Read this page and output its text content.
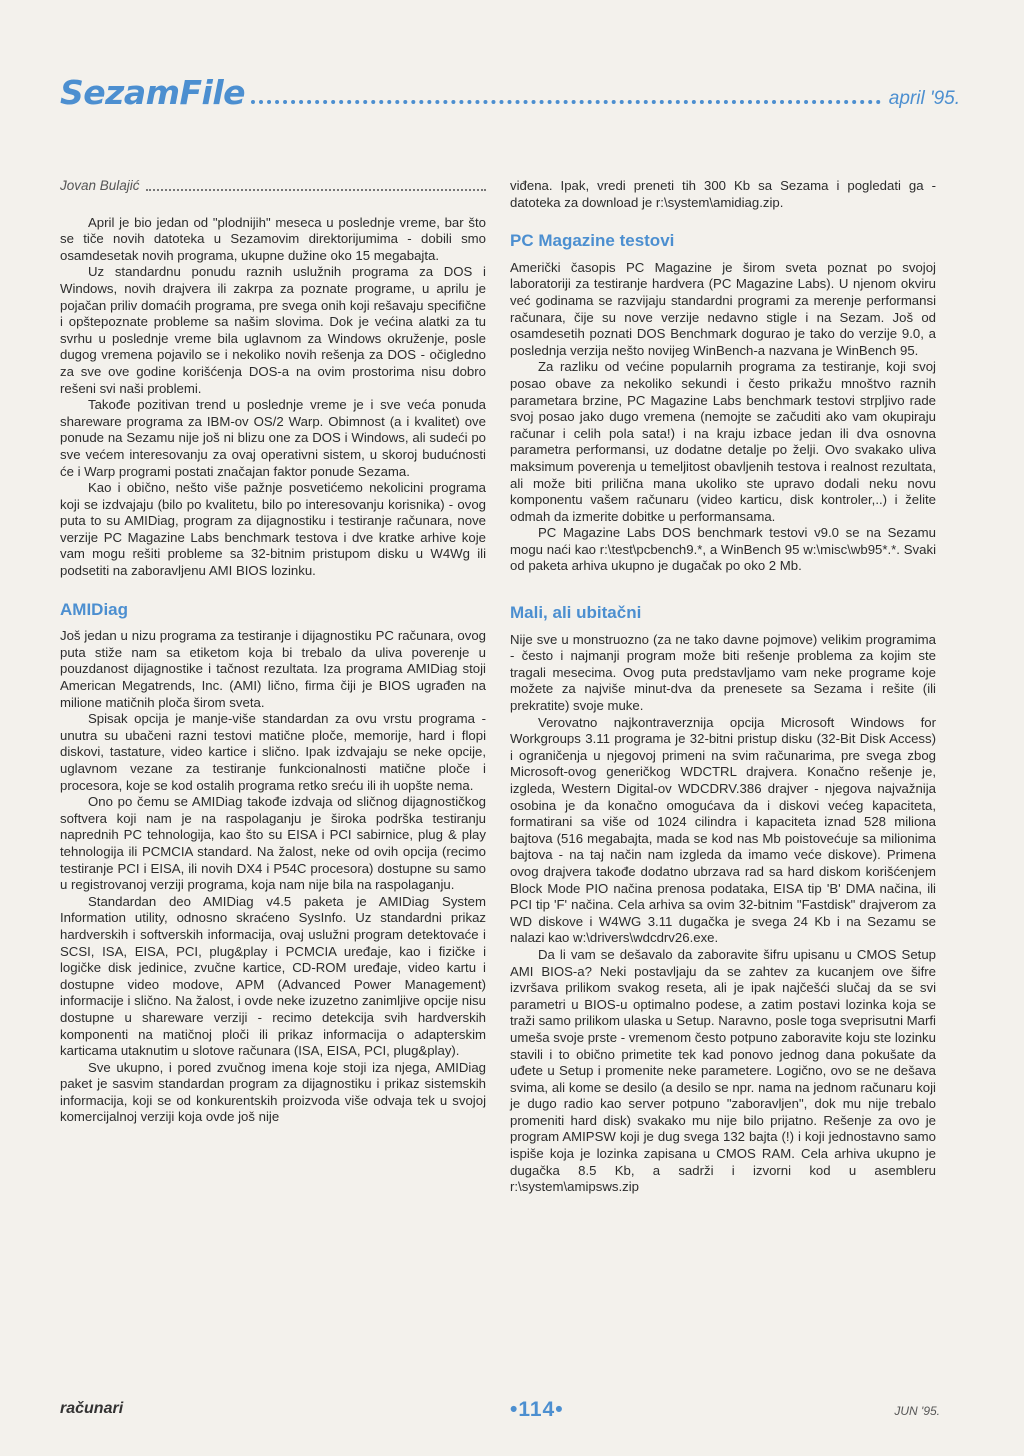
SezamFile	april '95.
Jovan Bulajić

April je bio jedan od "plodnijih" meseca u poslednje vreme, bar što se tiče novih datoteka u Sezamovim direktorijumima - dobili smo osamdesetak novih programa, ukupne dužine oko 15 megabajta.

Uz standardnu ponudu raznih uslužnih programa za DOS i Windows, novih drajvera ili zakrpa za poznate programe, u aprilu je pojačan priliv domaćih programa, pre svega onih koji rešavaju specifične i opštepoznate probleme sa našim slovima. Dok je većina alatki za tu svrhu u poslednje vreme bila uglavnom za Windows okruženje, posle dugog vremena pojavilo se i nekoliko novih rešenja za DOS - očigledno za sve ove godine korišćenja DOS-a na ovim prostorima nisu dobro rešeni svi naši problemi.

Takođe pozitivan trend u poslednje vreme je i sve veća ponuda shareware programa za IBM-ov OS/2 Warp. Obimnost (a i kvalitet) ove ponude na Sezamu nije još ni blizu one za DOS i Windows, ali sudeći po sve većem interesovanju za ovaj operativni sistem, u skoroj budućnosti će i Warp programi postati značajan faktor ponude Sezama.

Kao i obično, nešto više pažnje posvetićemo nekolicini programa koji se izdvajaju (bilo po kvalitetu, bilo po interesovanju korisnika) - ovog puta to su AMIDiag, program za dijagnostiku i testiranje računara, nove verzije PC Magazine Labs benchmark testova i dve kratke arhive koje vam mogu rešiti probleme sa 32-bitnim pristupom disku u W4Wg ili podsetiti na zaboravljenu AMI BIOS lozinku.

AMIDiag

Još jedan u nizu programa za testiranje i dijagnostiku PC računara, ovog puta stiže nam sa etiketom koja bi trebalo da uliva poverenje u pouzdanost dijagnostike i tačnost rezultata. Iza programa AMIDiag stoji American Megatrends, Inc. (AMI) lično, firma čiji je BIOS ugrađen na milione matičnih ploča širom sveta.

Spisak opcija je manje-više standardan za ovu vrstu programa - unutra su ubačeni razni testovi matične ploče, memorije, hard i flopi diskovi, tastature, video kartice i slično. Ipak izdvajaju se neke opcije, uglavnom vezane za testiranje funkcionalnosti matične ploče i procesora, koje se kod ostalih programa retko sreću ili ih uopšte nema.

Ono po čemu se AMIDiag takođe izdvaja od sličnog dijagnostičkog softvera koji nam je na raspolaganju je široka podrška testiranju naprednih PC tehnologija, kao što su EISA i PCI sabirnice, plug & play tehnologija ili PCMCIA standard. Na žalost, neke od ovih opcija (recimo testiranje PCI i EISA, ili novih DX4 i P54C procesora) dostupne su samo u registrovanoj verziji programa, koja nam nije bila na raspolaganju.

Standardan deo AMIDiag v4.5 paketa je AMIDiag System Information utility, odnosno skraćeno SysInfo. Uz standardni prikaz hardverskih i softverskih informacija, ovaj uslužni program detektovaće i SCSI, ISA, EISA, PCI, plug&play i PCMCIA uređaje, kao i fizičke i logičke disk jedinice, zvučne kartice, CD-ROM uređaje, video kartu i dostupne video modove, APM (Advanced Power Management) informacije i slično. Na žalost, i ovde neke izuzetno zanimljive opcije nisu dostupne u shareware verziji - recimo detekcija svih hardverskih komponenti na matičnoj ploči ili prikaz informacija o adapterskim karticama utaknutim u slotove računara (ISA, EISA, PCI, plug&play).

Sve ukupno, i pored zvučnog imena koje stoji iza njega, AMIDiag paket je sasvim standardan program za dijagnostiku i prikaz sistemskih informacija, koji se od konkurentskih proizvoda više odvaja tek u svojoj komercijalnoj verziji koja ovde još nije

viđena. Ipak, vredi preneti tih 300 Kb sa Sezama i pogledati ga - datoteka za download je r:\system\amidiag.zip.

PC Magazine testovi

Američki časopis PC Magazine je širom sveta poznat po svojoj laboratoriji za testiranje hardvera (PC Magazine Labs). U njenom okviru već godinama se razvijaju standardni programi za merenje performansi računara, čije su nove verzije nedavno stigle i na Sezam. Još od osamdesetih poznati DOS Benchmark dogurao je tako do verzije 9.0, a poslednja verzija nešto novijeg WinBench-a nazvana je WinBench 95.

Za razliku od većine popularnih programa za testiranje, koji svoj posao obave za nekoliko sekundi i često prikažu mnoštvo raznih parametara brzine, PC Magazine Labs benchmark testovi strpljivo rade svoj posao jako dugo vremena (nemojte se začuditi ako vam okupiraju računar i celih pola sata!) i na kraju izbace jedan ili dva osnovna parametra performansi, uz dodatne detalje po želji. Ovo svakako uliva maksimum poverenja u temeljitost obavljenih testova i realnost rezultata, ali može biti prilična mana ukoliko ste upravo dodali neku novu komponentu vašem računaru (video karticu, disk kontroler,..) i želite odmah da izmerite dobitke u performansama.

PC Magazine Labs DOS benchmark testovi v9.0 se na Sezamu mogu naći kao r:\test\pcbench9.*, a WinBench 95 w:\misc\wb95*.*. Svaki od paketa arhiva ukupno je dugačak po oko 2 Mb.

Mali, ali ubitačni

Nije sve u monstruozno (za ne tako davne pojmove) velikim programima - često i najmanji program može biti rešenje problema za kojim ste tragali mesecima. Ovog puta predstavljamo vam neke programe koje možete za najviše minut-dva da prenesete sa Sezama i rešite (ili prekratite) svoje muke.

Verovatno najkontraverznija opcija Microsoft Windows for Workgroups 3.11 programa je 32-bitni pristup disku (32-Bit Disk Access) i ograničenja u njegovoj primeni na svim računarima, pre svega zbog Microsoft-ovog generičkog WDCTRL drajvera. Konačno rešenje je, izgleda, Western Digital-ov WDCDRV.386 drajver - njegova najvažnija osobina je da konačno omogućava da i diskovi većeg kapaciteta, formatirani sa više od 1024 cilindra i kapaciteta iznad 528 miliona bajtova (516 megabajta, mada se kod nas Mb poistovećuje sa milionima bajtova - na taj način nam izgleda da imamo veće diskove). Primena ovog drajvera takođe dodatno ubrzava rad sa hard diskom korišćenjem Block Mode PIO načina prenosa podataka, EISA tip 'B' DMA načina, ili PCI tip 'F' načina. Cela arhiva sa ovim 32-bitnim "Fastdisk" drajverom za WD diskove i W4WG 3.11 dugačka je svega 24 Kb i na Sezamu se nalazi kao w:\drivers\wdcdrv26.exe.

Da li vam se dešavalo da zaboravite šifru upisanu u CMOS Setup AMI BIOS-a? Neki postavljaju da se zahtev za kucanjem ove šifre izvršava prilikom svakog reseta, ali je ipak najčešći slučaj da se svi parametri u BIOS-u optimalno podese, a zatim postavi lozinka koja se traži samo prilikom ulaska u Setup. Naravno, posle toga sveprisutni Marfi umeša svoje prste - vremenom često potpuno zaboravite koju ste lozinku stavili i to obično primetite tek kad ponovo jednog dana pokušate da uđete u Setup i promenite neke parametere. Logično, ovo se ne dešava svima, ali kome se desilo (a desilo se npr. nama na jednom računaru koji je dugo radio kao server potpuno "zaboravljen", dok mu nije trebalo promeniti hard disk) svakako mu nije bilo prijatno. Rešenje za ovo je program AMIPSW koji je dug svega 132 bajta (!) i koji jednostavno samo ispiše koja je lozinka zapisana u CMOS RAM. Cela arhiva ukupno je dugačka 8.5 Kb, a sadrži i izvorni kod u asembleru r:\system\amipsws.zip

računari	•114•	JUN '95.
